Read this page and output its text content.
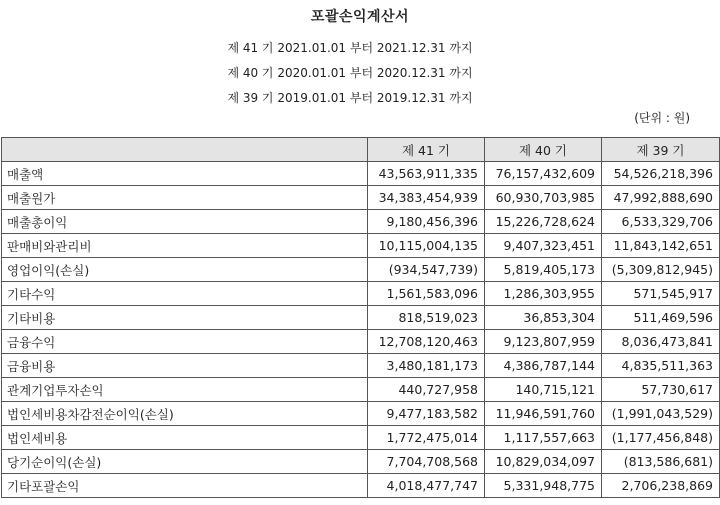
포괄손익계산서
제 41 기 2021.01.01 부터 2021.12.31 까지
제 40 기 2020.01.01 부터 2020.12.31 까지
제 39 기 2019.01.01 부터 2019.12.31 까지
(단위 : 원)
	제 41 기	제 40 기	제 39 기
매출액	43,563,911,335	76,157,432,609	54,526,218,396
매출원가	34,383,454,939	60,930,703,985	47,992,888,690
매출총이익	9,180,456,396	15,226,728,624	6,533,329,706
판매비와관리비	10,115,004,135	9,407,323,451	11,843,142,651
영업이익(손실)	(934,547,739)	5,819,405,173	(5,309,812,945)
기타수익	1,561,583,096	1,286,303,955	571,545,917
기타비용	818,519,023	36,853,304	511,469,596
금융수익	12,708,120,463	9,123,807,959	8,036,473,841
금융비용	3,480,181,173	4,386,787,144	4,835,511,363
관계기업투자손익	440,727,958	140,715,121	57,730,617
법인세비용차감전순이익(손실)	9,477,183,582	11,946,591,760	(1,991,043,529)
법인세비용	1,772,475,014	1,117,557,663	(1,177,456,848)
당기순이익(손실)	7,704,708,568	10,829,034,097	(813,586,681)
기타포괄손익	4,018,477,747	5,331,948,775	2,706,238,869
